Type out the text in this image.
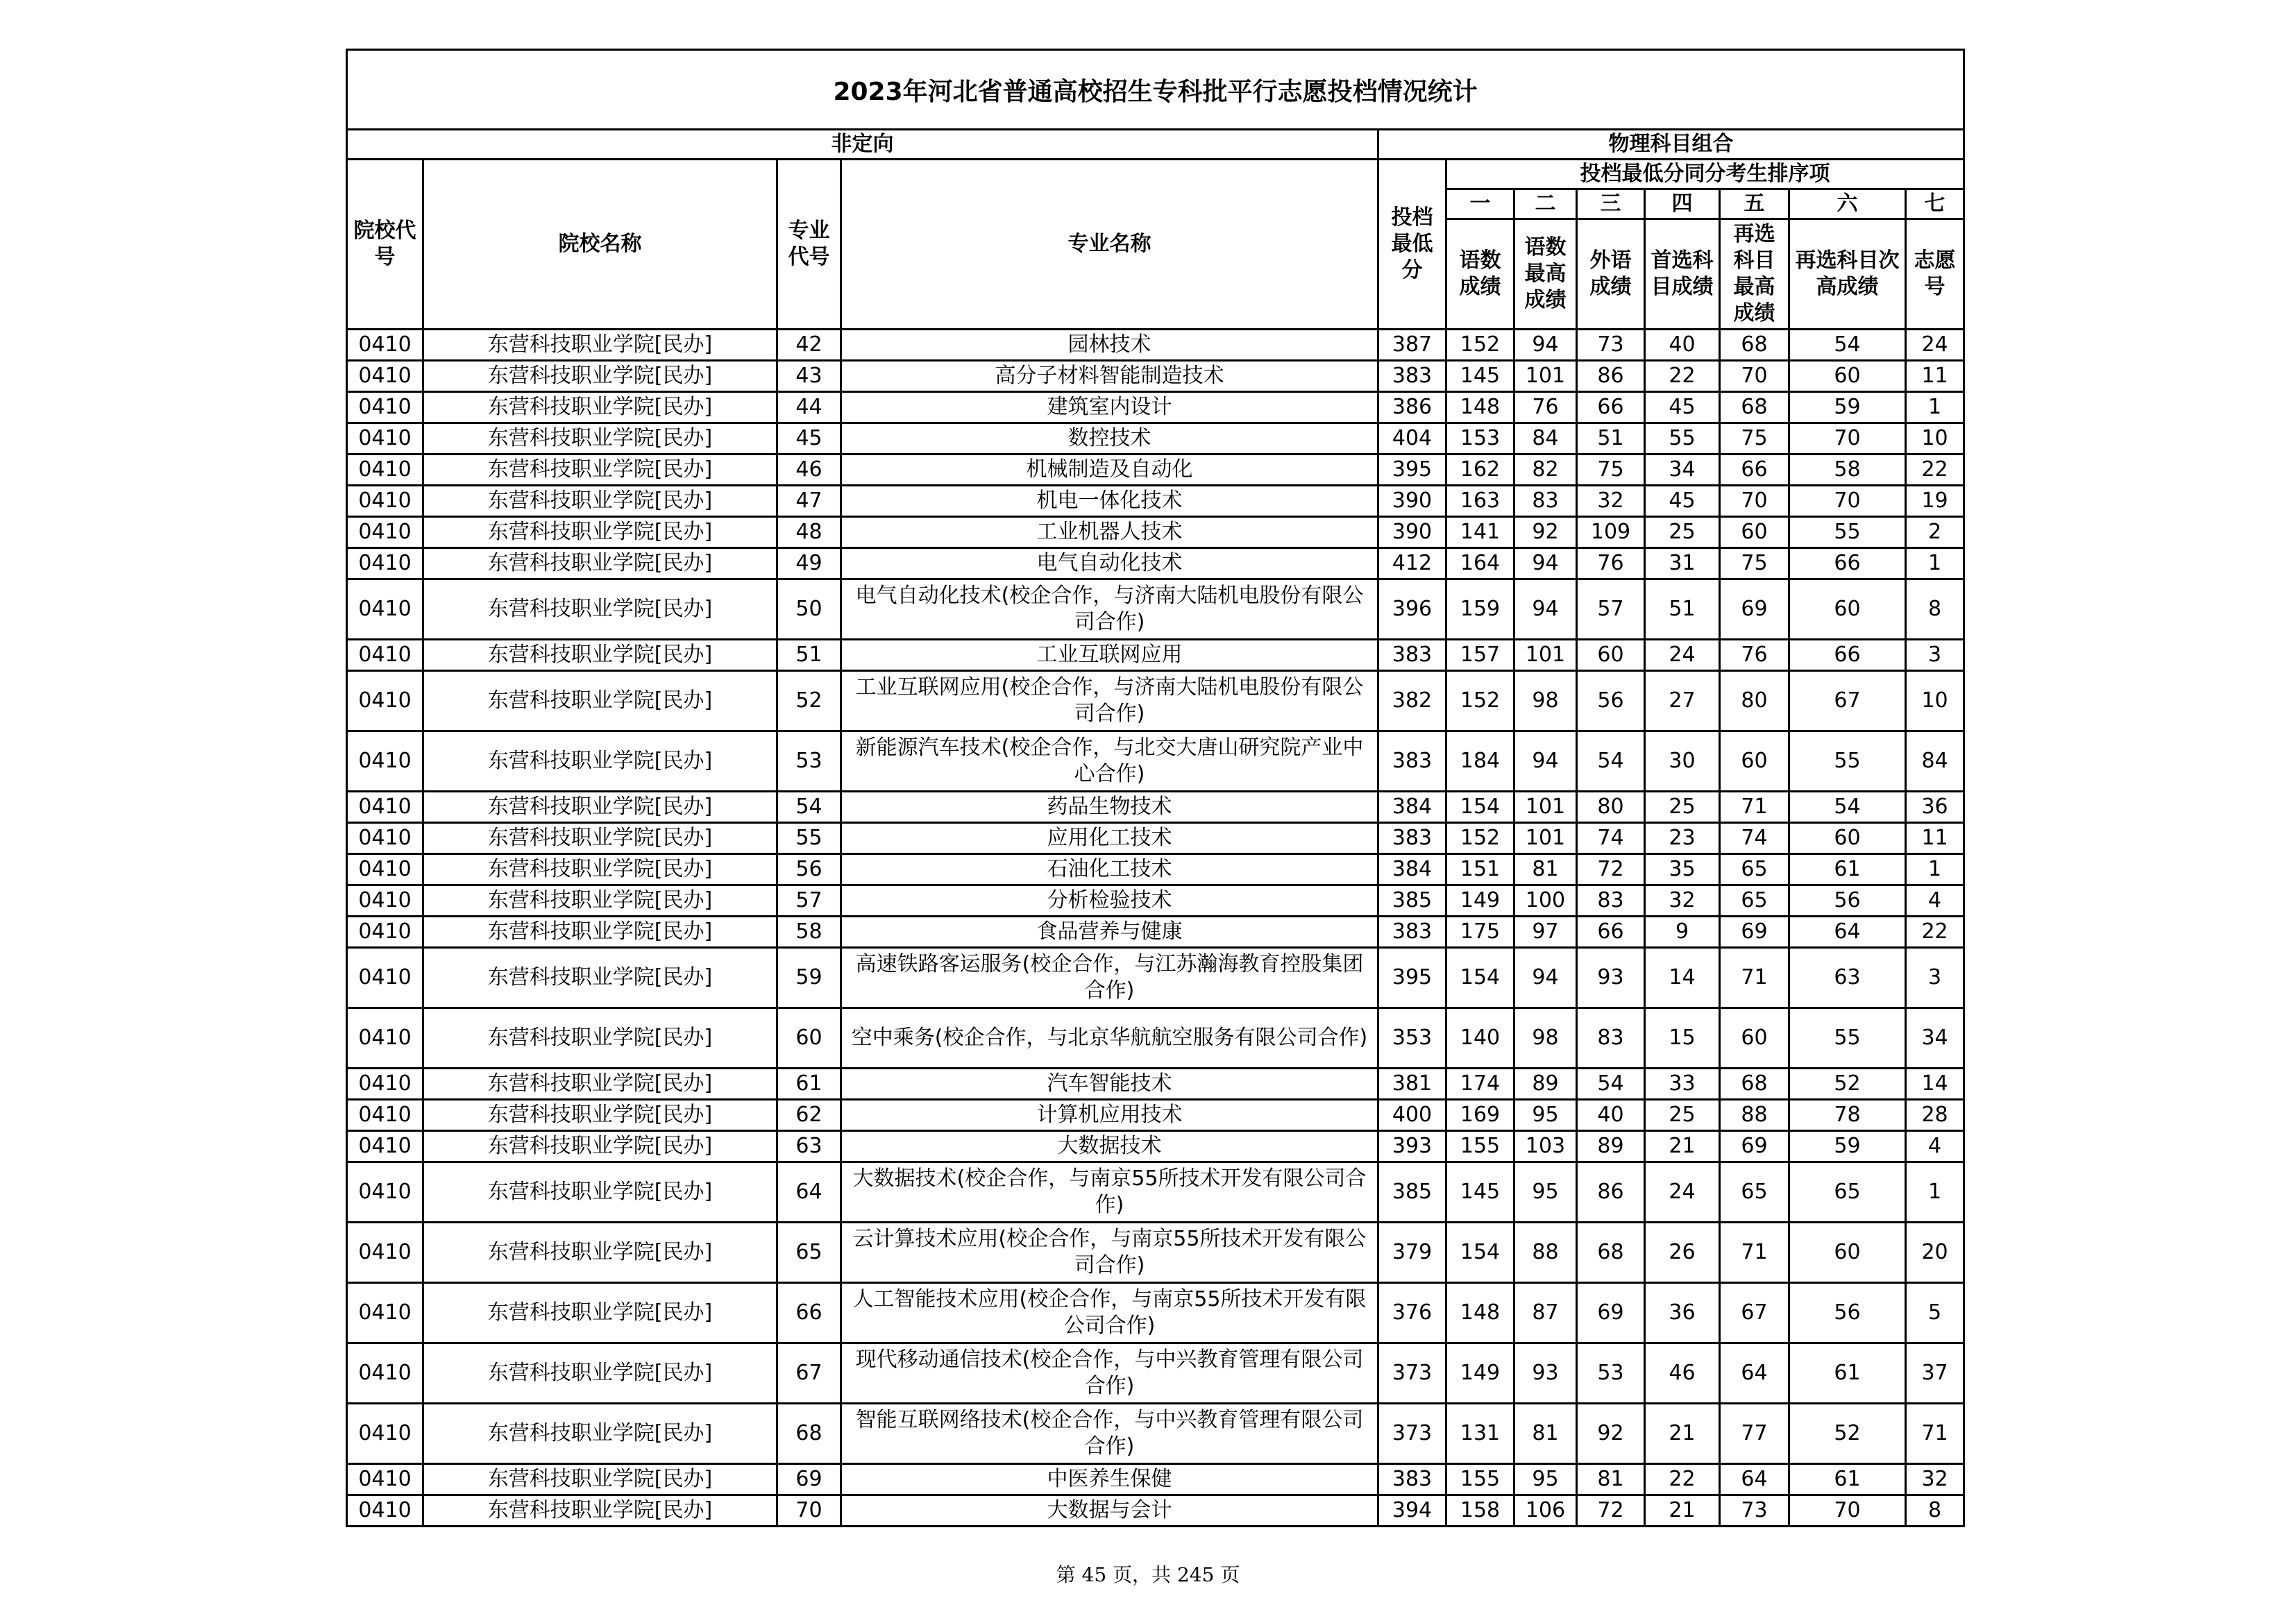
2023年河北省普通高校招生专科批平行志愿投档情况统计											
非定向				物理科目组合							
院校代号	院校名称	专业代号	专业名称	投档最低分	投档最低分同分考生排序项						
					一	二	三	四	五	六	七
					语数成绩	语数最高成绩	外语成绩	首选科目成绩	再选科目最高成绩	再选科目次高成绩	志愿号
0410	东营科技职业学院[民办]	42	园林技术	387	152	94	73	40	68	54	24
0410	东营科技职业学院[民办]	43	高分子材料智能制造技术	383	145	101	86	22	70	60	11
0410	东营科技职业学院[民办]	44	建筑室内设计	386	148	76	66	45	68	59	1
0410	东营科技职业学院[民办]	45	数控技术	404	153	84	51	55	75	70	10
0410	东营科技职业学院[民办]	46	机械制造及自动化	395	162	82	75	34	66	58	22
0410	东营科技职业学院[民办]	47	机电一体化技术	390	163	83	32	45	70	70	19
0410	东营科技职业学院[民办]	48	工业机器人技术	390	141	92	109	25	60	55	2
0410	东营科技职业学院[民办]	49	电气自动化技术	412	164	94	76	31	75	66	1
0410	东营科技职业学院[民办]	50	电气自动化技术(校企合作，与济南大陆机电股份有限公司合作)	396	159	94	57	51	69	60	8
0410	东营科技职业学院[民办]	51	工业互联网应用	383	157	101	60	24	76	66	3
0410	东营科技职业学院[民办]	52	工业互联网应用(校企合作，与济南大陆机电股份有限公司合作)	382	152	98	56	27	80	67	10
0410	东营科技职业学院[民办]	53	新能源汽车技术(校企合作，与北交大唐山研究院产业中心合作)	383	184	94	54	30	60	55	84
0410	东营科技职业学院[民办]	54	药品生物技术	384	154	101	80	25	71	54	36
0410	东营科技职业学院[民办]	55	应用化工技术	383	152	101	74	23	74	60	11
0410	东营科技职业学院[民办]	56	石油化工技术	384	151	81	72	35	65	61	1
0410	东营科技职业学院[民办]	57	分析检验技术	385	149	100	83	32	65	56	4
0410	东营科技职业学院[民办]	58	食品营养与健康	383	175	97	66	9	69	64	22
0410	东营科技职业学院[民办]	59	高速铁路客运服务(校企合作，与江苏瀚海教育控股集团合作)	395	154	94	93	14	71	63	3
0410	东营科技职业学院[民办]	60	空中乘务(校企合作，与北京华航航空服务有限公司合作)	353	140	98	83	15	60	55	34
0410	东营科技职业学院[民办]	61	汽车智能技术	381	174	89	54	33	68	52	14
0410	东营科技职业学院[民办]	62	计算机应用技术	400	169	95	40	25	88	78	28
0410	东营科技职业学院[民办]	63	大数据技术	393	155	103	89	21	69	59	4
0410	东营科技职业学院[民办]	64	大数据技术(校企合作，与南京55所技术开发有限公司合作)	385	145	95	86	24	65	65	1
0410	东营科技职业学院[民办]	65	云计算技术应用(校企合作，与南京55所技术开发有限公司合作)	379	154	88	68	26	71	60	20
0410	东营科技职业学院[民办]	66	人工智能技术应用(校企合作，与南京55所技术开发有限公司合作)	376	148	87	69	36	67	56	5
0410	东营科技职业学院[民办]	67	现代移动通信技术(校企合作，与中兴教育管理有限公司合作)	373	149	93	53	46	64	61	37
0410	东营科技职业学院[民办]	68	智能互联网络技术(校企合作，与中兴教育管理有限公司合作)	373	131	81	92	21	77	52	71
0410	东营科技职业学院[民办]	69	中医养生保健	383	155	95	81	22	64	61	32
0410	东营科技职业学院[民办]	70	大数据与会计	394	158	106	72	21	73	70	8
第 45 页，共 245 页
